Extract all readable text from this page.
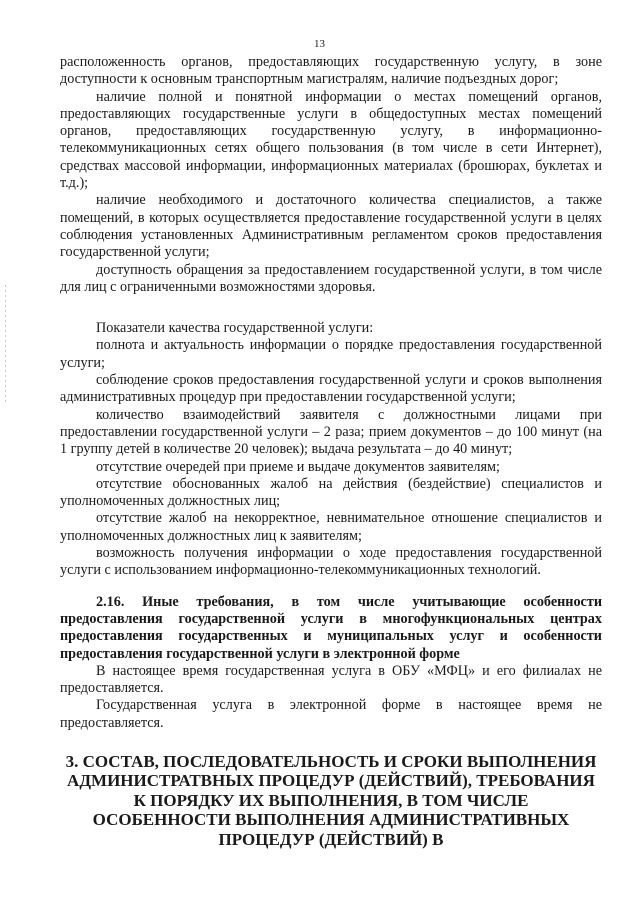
13

расположенность органов, предоставляющих государственную услугу, в зоне доступности к основным транспортным магистралям, наличие подъездных дорог;

наличие полной и понятной информации о местах помещений органов, предоставляющих государственные услуги в общедоступных местах помещений органов, предоставляющих государственную услугу, в информационно-телекоммуникационных сетях общего пользования (в том числе в сети Интернет), средствах массовой информации, информационных материалах (брошюрах, буклетах и т.д.);

наличие необходимого и достаточного количества специалистов, а также помещений, в которых осуществляется предоставление государственной услуги в целях соблюдения установленных Административным регламентом сроков предоставления государственной услуги;

доступность обращения за предоставлением государственной услуги, в том числе для лиц с ограниченными возможностями здоровья.

Показатели качества государственной услуги:

полнота и актуальность информации о порядке предоставления государственной услуги;

соблюдение сроков предоставления государственной услуги и сроков выполнения административных процедур при предоставлении государственной услуги;

количество взаимодействий заявителя с должностными лицами при предоставлении государственной услуги – 2 раза; прием документов – до 100 минут (на 1 группу детей в количестве 20 человек); выдача результата – до 40 минут;

отсутствие очередей при приеме и выдаче документов заявителям;

отсутствие обоснованных жалоб на действия (бездействие) специалистов и уполномоченных должностных лиц;

отсутствие жалоб на некорректное, невнимательное отношение специалистов и уполномоченных должностных лиц к заявителям;

возможность получения информации о ходе предоставления государственной услуги с использованием информационно-телекоммуникационных технологий.

2.16. Иные требования, в том числе учитывающие особенности предоставления государственной услуги в многофункциональных центрах предоставления государственных и муниципальных услуг и особенности предоставления государственной услуги в электронной форме

В настоящее время государственная услуга в ОБУ «МФЦ» и его филиалах не предоставляется.

Государственная услуга в электронной форме в настоящее время не предоставляется.

3. СОСТАВ, ПОСЛЕДОВАТЕЛЬНОСТЬ И СРОКИ ВЫПОЛНЕНИЯ АДМИНИСТРАТВНЫХ ПРОЦЕДУР (ДЕЙСТВИЙ), ТРЕБОВАНИЯ К ПОРЯДКУ ИХ ВЫПОЛНЕНИЯ, В ТОМ ЧИСЛЕ ОСОБЕННОСТИ ВЫПОЛНЕНИЯ АДМИНИСТРАТИВНЫХ ПРОЦЕДУР (ДЕЙСТВИЙ) В
